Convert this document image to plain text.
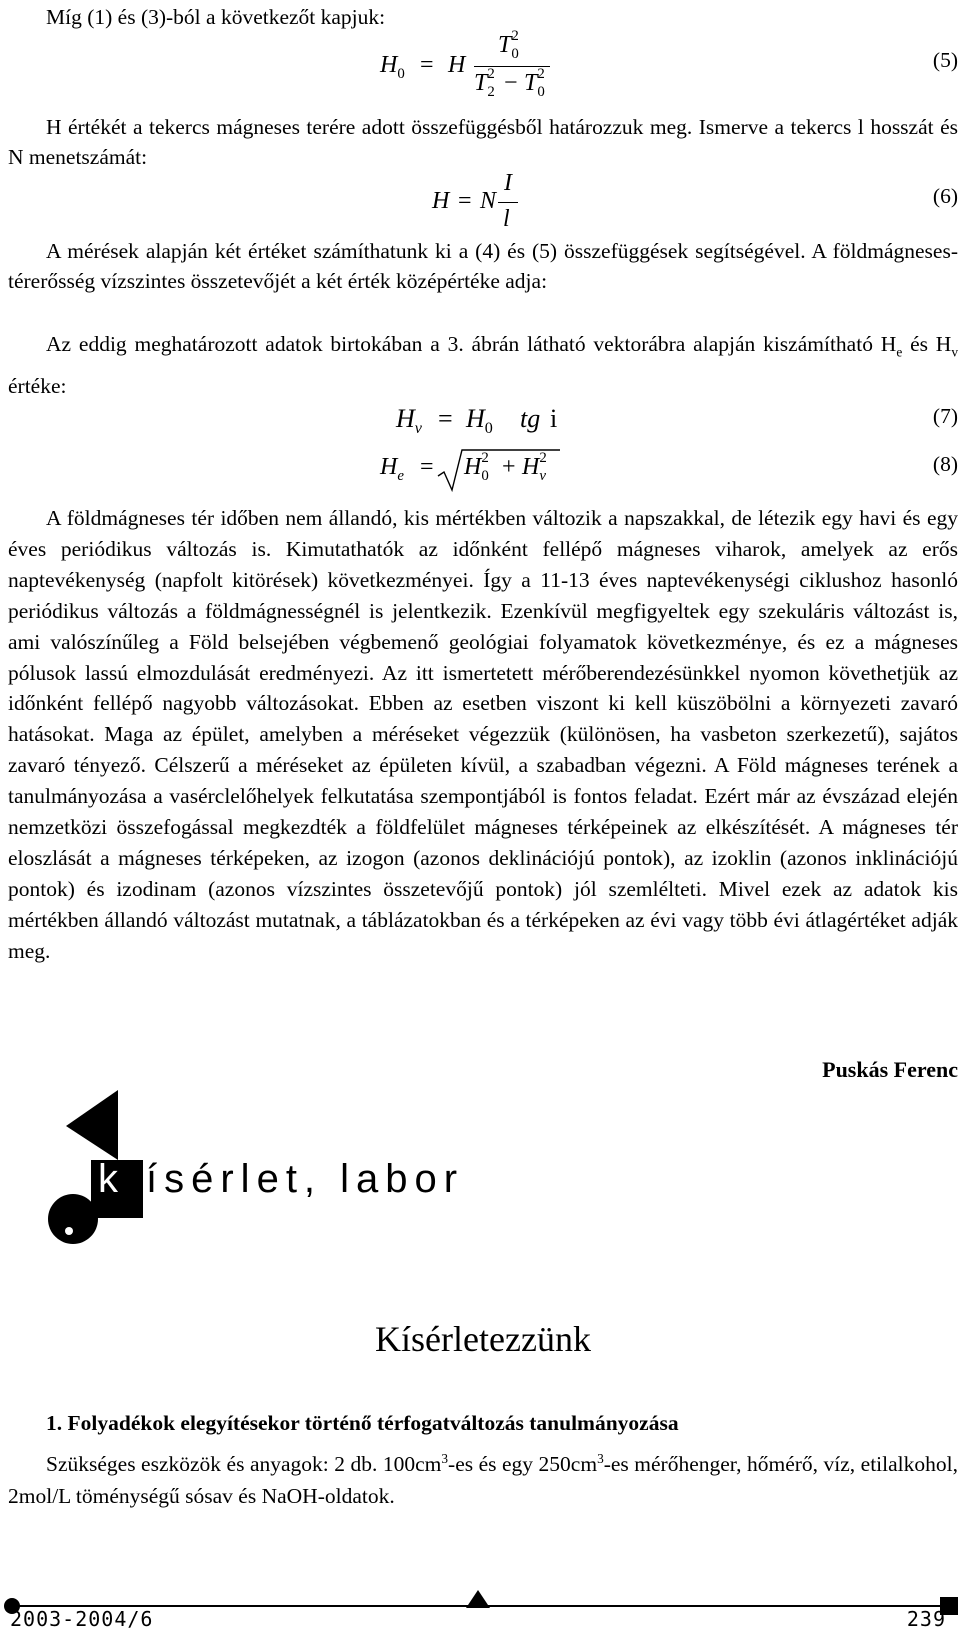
Míg (1) és (3)-ból a következőt kapjuk:

$H_0 = H$
T 2
0
T 2
2 − T 2
0
(5)

H értékét a tekercs mágneses terére adott összefüggésből határozzuk meg. Ismerve a tekercs l hosszát és N menetszámát:

H = N
I
l
(6)

A mérések alapján két értéket számíthatunk ki a (4) és (5) összefüggések segítségével. A földmágneses-térerősség vízszintes összetevőjét a két érték középértéke adja:

Az eddig meghatározott adatok birtokában a 3. ábrán látható vektorábra alapján kiszámítható $H_e$ és $H_v$ értéke:

$H_v = H_0$ tg i	(7)
$H_e = H$ 2
0 + H 2
v	(8)

A földmágneses tér időben nem állandó, kis mértékben változik a napszakkal, de létezik egy havi és egy éves periódikus változás is. Kimutathatók az időnként fellépő mágneses viharok, amelyek az erős naptevékenység (napfolt kitörések) következményei. Így a 11-13 éves naptevékenységi ciklushoz hasonló periódikus változás a földmágnességnél is jelentkezik. Ezenkívül megfigyeltek egy szekuláris változást is, ami valószínűleg a Föld belsejében végbemenő geológiai folyamatok következménye, és ez a mágneses pólusok lassú elmozdulását eredményezi. Az itt ismertetett mérőberendezésünkkel nyomon követhetjük az időnként fellépő nagyobb változásokat. Ebben az esetben viszont ki kell küszöbölni a környezeti zavaró hatásokat. Maga az épület, amelyben a méréseket végezzük (különösen, ha vasbeton szerkezetű), sajátos zavaró tényező. Célszerű a méréseket az épületen kívül, a szabadban végezni. A Föld mágneses terének a tanulmányozása a vasérclelőhelyek felkutatása szempontjából is fontos feladat. Ezért már az évszázad elején nemzetközi összefogással megkezdték a földfelület mágneses térképeinek az elkészítését. A mágneses tér eloszlását a mágneses térképeken, az izogon (azonos deklinációjú pontok), az izoklin (azonos inklinációjú pontok) és izodinam (azonos vízszintes összetevőjű pontok) jól szemlélteti. Mivel ezek az adatok kis mértékben állandó változást mutatnak, a táblázatokban és a térképeken az évi vagy több évi átlagértéket adják meg.

Puskás Ferenc
k ísérlet, labor
Kísérletezzünk

1. Folyadékok elegyítésekor történő térfogatváltozás tanulmányozása

Szükséges eszközök és anyagok: 2 db. $100cm^3-es$ és egy $250cm^3-es$ mérőhenger, hőmérő, víz, etilalkohol, 2mol/L töménységű sósav és NaOH-oldatok.

2003-2004/6	239
